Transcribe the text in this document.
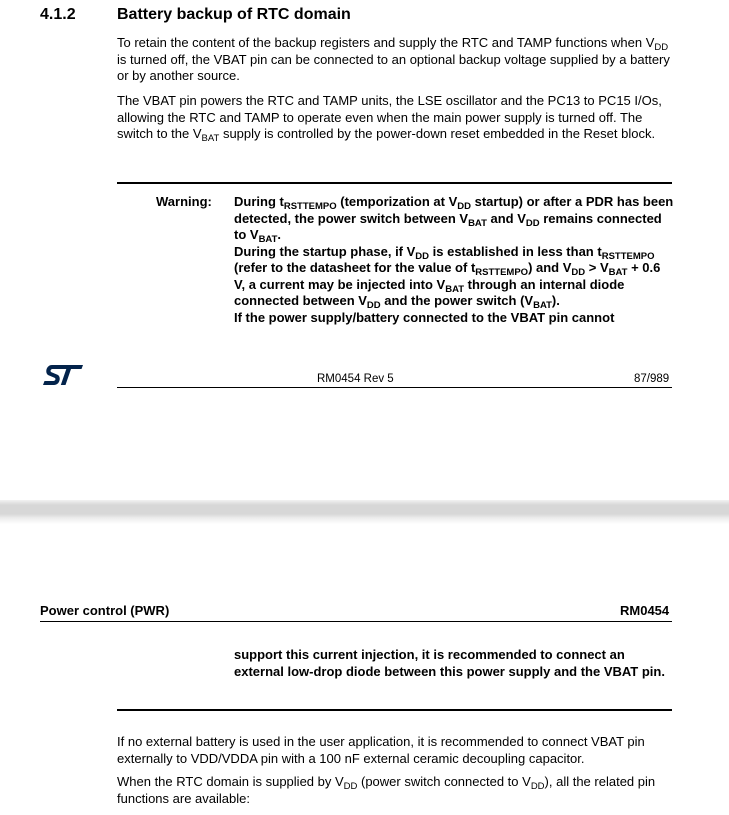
4.1.2	Battery backup of RTC domain
To retain the content of the backup registers and supply the RTC and TAMP functions when $V_{DD}$ is turned off, the VBAT pin can be connected to an optional backup voltage supplied by a battery or by another source.
The VBAT pin powers the RTC and TAMP units, the LSE oscillator and the PC13 to PC15 I/Os, allowing the RTC and TAMP to operate even when the main power supply is turned off. The switch to the $V_{BAT}$ supply is controlled by the power-down reset embedded in the Reset block.
Warning: During $t_{RSTTEMPO}$ (temporization at $V_{DD}$ startup) or after a PDR has been detected, the power switch between $V_{BAT}$ and $V_{DD}$ remains connected to $V_{BAT}$.
During the startup phase, if $V_{DD}$ is established in less than $t_{RSTTEMPO}$ (refer to the datasheet for the value of $t_{RSTTEMPO}$) and $V_{DD} > V_{BAT} + 0.6$ V, a current may be injected into $V_{BAT}$ through an internal diode connected between $V_{DD}$ and the power switch $(V_{BAT})$.
If the power supply/battery connected to the VBAT pin cannot
RM0454 Rev 5	87/989
Power control (PWR)	RM0454
support this current injection, it is recommended to connect an external low-drop diode between this power supply and the VBAT pin.
If no external battery is used in the user application, it is recommended to connect VBAT pin externally to VDD/VDDA pin with a 100 nF external ceramic decoupling capacitor.
When the RTC domain is supplied by $V_{DD}$ (power switch connected to $V_{DD}$), all the related pin functions are available:
